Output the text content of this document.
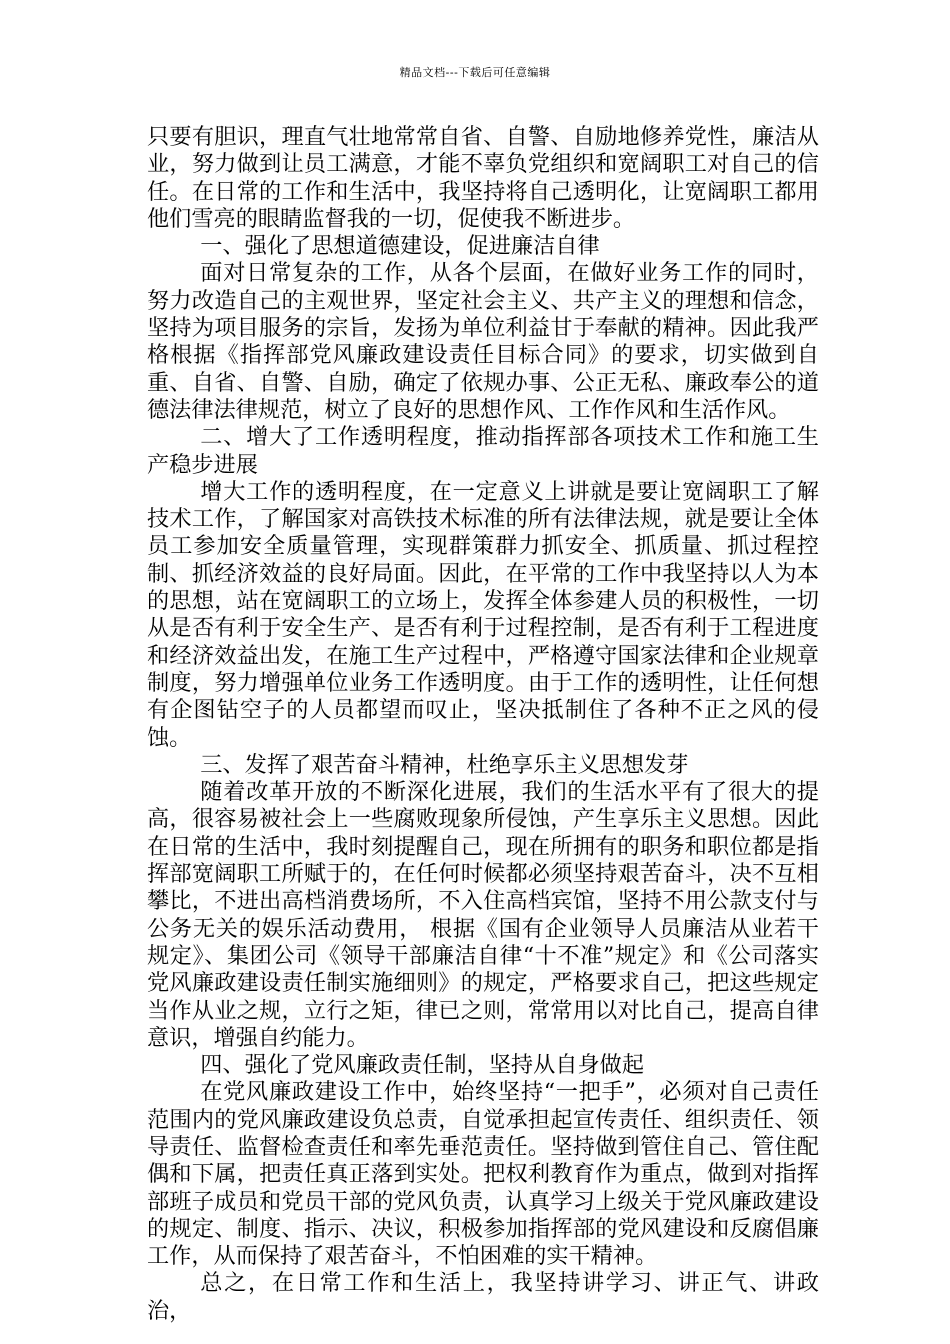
精品文档---下载后可任意编辑

只要有胆识，理直气壮地常常自省、自警、自励地修养党性，廉洁从业，努力做到让员工满意，才能不辜负党组织和宽阔职工对自己的信任。在日常的工作和生活中，我坚持将自己透明化，让宽阔职工都用他们雪亮的眼睛监督我的一切，促使我不断进步。

一、强化了思想道德建设，促进廉洁自律

面对日常复杂的工作，从各个层面，在做好业务工作的同时，努力改造自己的主观世界，坚定社会主义、共产主义的理想和信念，坚持为项目服务的宗旨，发扬为单位利益甘于奉献的精神。因此我严格根据《指挥部党风廉政建设责任目标合同》的要求，切实做到自重、自省、自警、自励，确定了依规办事、公正无私、廉政奉公的道德法律法律规范，树立了良好的思想作风、工作作风和生活作风。

二、增大了工作透明程度，推动指挥部各项技术工作和施工生产稳步进展

增大工作的透明程度，在一定意义上讲就是要让宽阔职工了解技术工作，了解国家对高铁技术标准的所有法律法规，就是要让全体员工参加安全质量管理，实现群策群力抓安全、抓质量、抓过程控制、抓经济效益的良好局面。因此，在平常的工作中我坚持以人为本的思想，站在宽阔职工的立场上，发挥全体参建人员的积极性，一切从是否有利于安全生产、是否有利于过程控制，是否有利于工程进度和经济效益出发，在施工生产过程中，严格遵守国家法律和企业规章制度，努力增强单位业务工作透明度。由于工作的透明性，让任何想有企图钻空子的人员都望而叹止，坚决抵制住了各种不正之风的侵蚀。

三、发挥了艰苦奋斗精神，杜绝享乐主义思想发芽

随着改革开放的不断深化进展，我们的生活水平有了很大的提高，很容易被社会上一些腐败现象所侵蚀，产生享乐主义思想。因此在日常的生活中，我时刻提醒自己，现在所拥有的职务和职位都是指挥部宽阔职工所赋于的，在任何时候都必须坚持艰苦奋斗，决不互相攀比，不进出高档消费场所，不入住高档宾馆，坚持不用公款支付与公务无关的娱乐活动费用， 根据《国有企业领导人员廉洁从业若干规定》、集团公司《领导干部廉洁自律“十不准”规定》和《公司落实党风廉政建设责任制实施细则》的规定，严格要求自己，把这些规定当作从业之规，立行之矩，律已之则，常常用以对比自己，提高自律意识，增强自约能力。

四、强化了党风廉政责任制，坚持从自身做起

在党风廉政建设工作中，始终坚持“一把手”，必须对自己责任范围内的党风廉政建设负总责，自觉承担起宣传责任、组织责任、领导责任、监督检查责任和率先垂范责任。坚持做到管住自己、管住配偶和下属，把责任真正落到实处。把权利教育作为重点，做到对指挥部班子成员和党员干部的党风负责，认真学习上级关于党风廉政建设的规定、制度、指示、决议，积极参加指挥部的党风建设和反腐倡廉工作，从而保持了艰苦奋斗，不怕困难的实干精神。

总之，在日常工作和生活上，我坚持讲学习、讲正气、讲政治，
